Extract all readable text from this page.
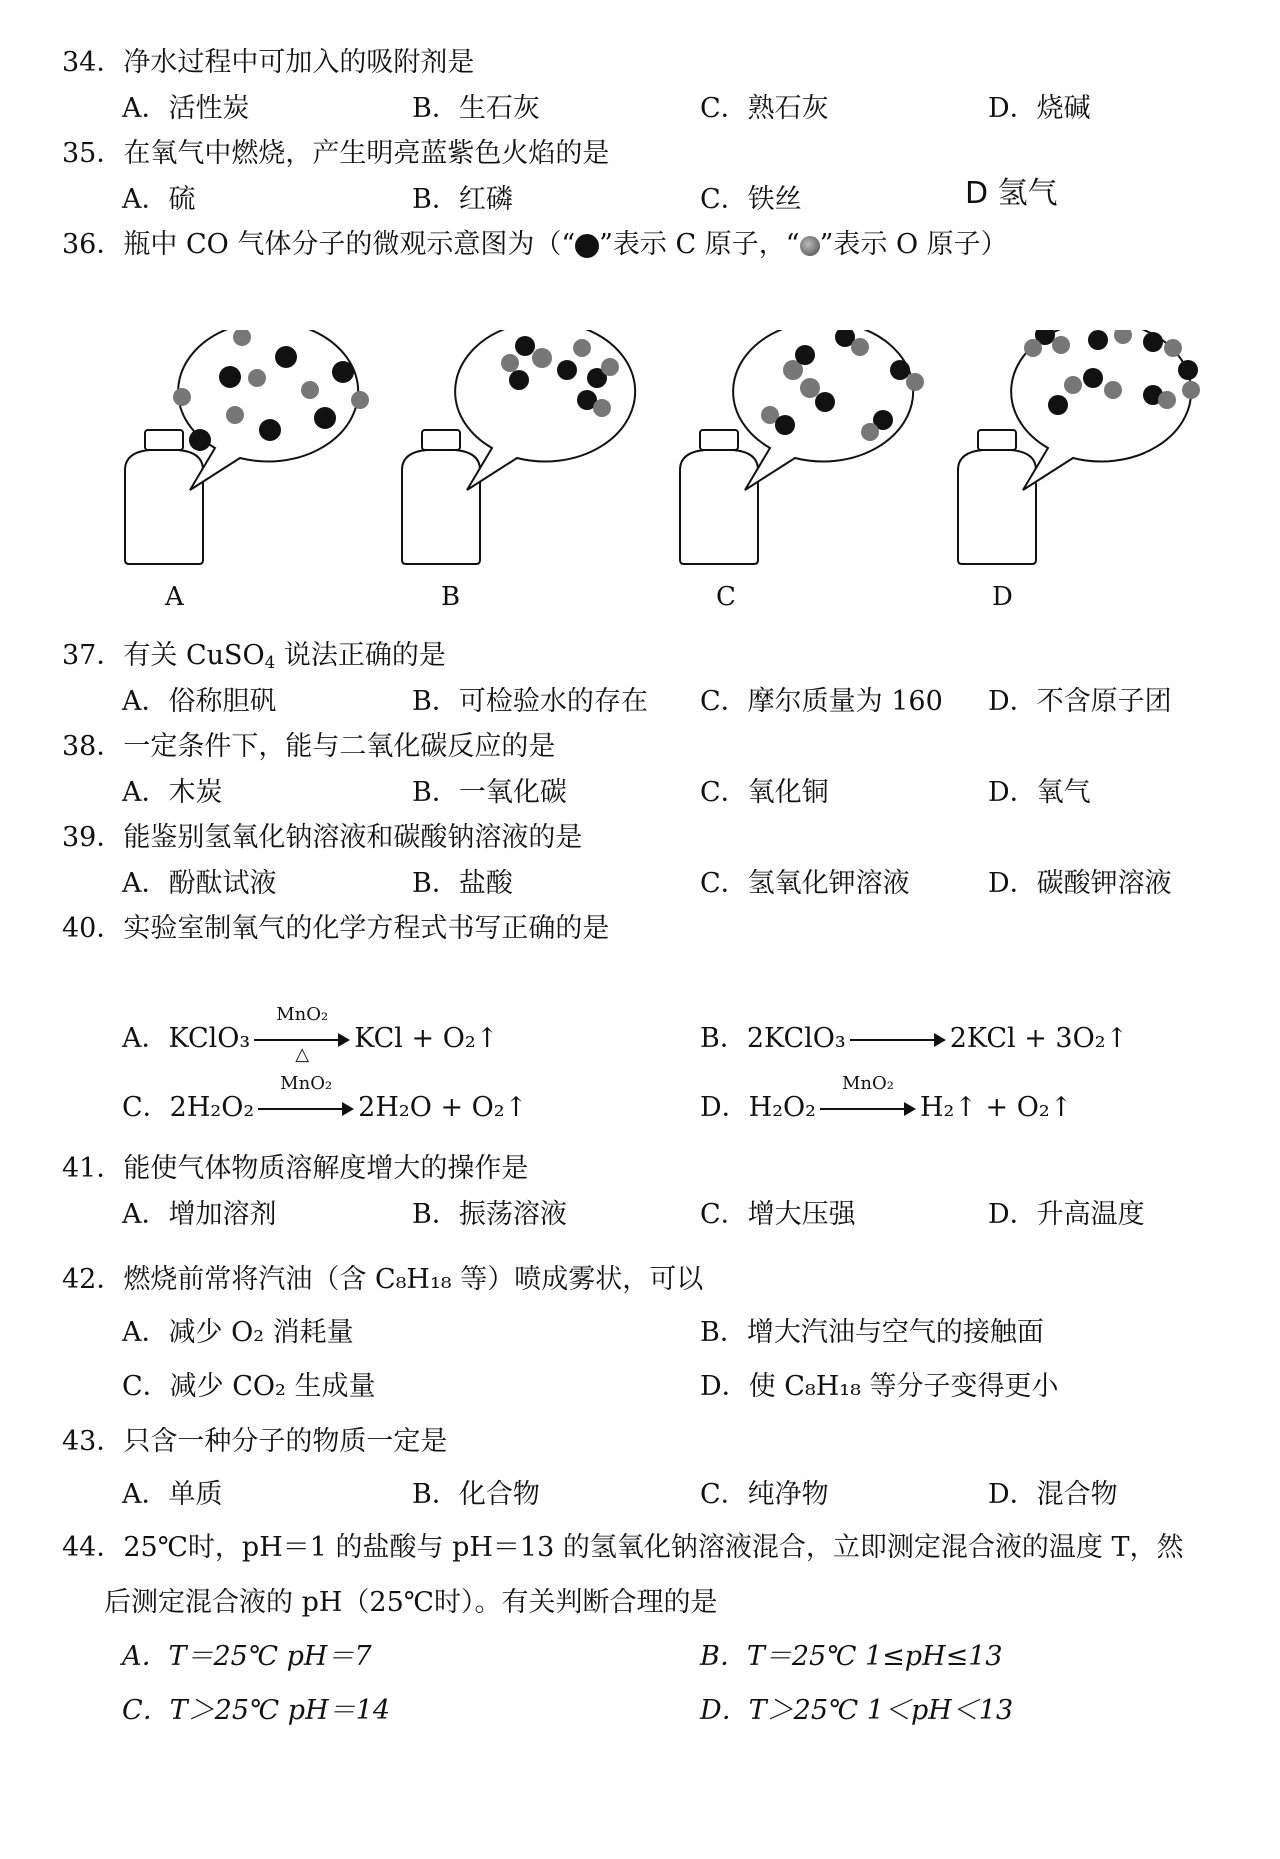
34．净水过程中可加入的吸附剂是
A．活性炭	B．生石灰	C．熟石灰	D．烧碱
35．在氧气中燃烧，产生明亮蓝紫色火焰的是
A．硫	B．红磷	C．铁丝	D 氢气
36．瓶中 CO 气体分子的微观示意图为（“ ”表示 C 原子，“ ”表示 O 原子）
A	B	C	D
37．有关 CuSO$_4$ 说法正确的是
A．俗称胆矾	B．可检验水的存在 C．摩尔质量为 160 D．不含原子团
38．一定条件下，能与二氧化碳反应的是
A．木炭	B．一氧化碳	C．氧化铜	D．氧气
39．能鉴别氢氧化钠溶液和碳酸钠溶液的是
A．酚酞试液	B．盐酸	C．氢氧化钾溶液	D．碳酸钾溶液
40．实验室制氧气的化学方程式书写正确的是
A．KClO₃
MnO₂
△	KCl + O₂↑	B．2KClO₃	2KCl + 3O₂↑
C．2H₂O₂
MnO₂
2H₂O + O₂↑	D．H₂O₂
MnO₂
H₂↑ + O₂↑
41．能使气体物质溶解度增大的操作是
A．增加溶剂	B．振荡溶液	C．增大压强	D．升高温度
42．燃烧前常将汽油（含 C₈H₁₈ 等）喷成雾状，可以
A．减少 O₂ 消耗量	B．增大汽油与空气的接触面
C．减少 CO₂ 生成量	D．使 C₈H₁₈ 等分子变得更小
43．只含一种分子的物质一定是
A．单质	B．化合物	C．纯净物	D．混合物
44．25℃时，pH＝1 的盐酸与 pH＝13 的氢氧化钠溶液混合，立即测定混合液的温度 T，然
后测定混合液的 pH（25℃时）。有关判断合理的是
A．T＝25℃ pH＝7	B．T＝25℃ 1≤pH≤13
C．T＞25℃ pH＝14	D．T＞25℃ 1＜pH＜13
